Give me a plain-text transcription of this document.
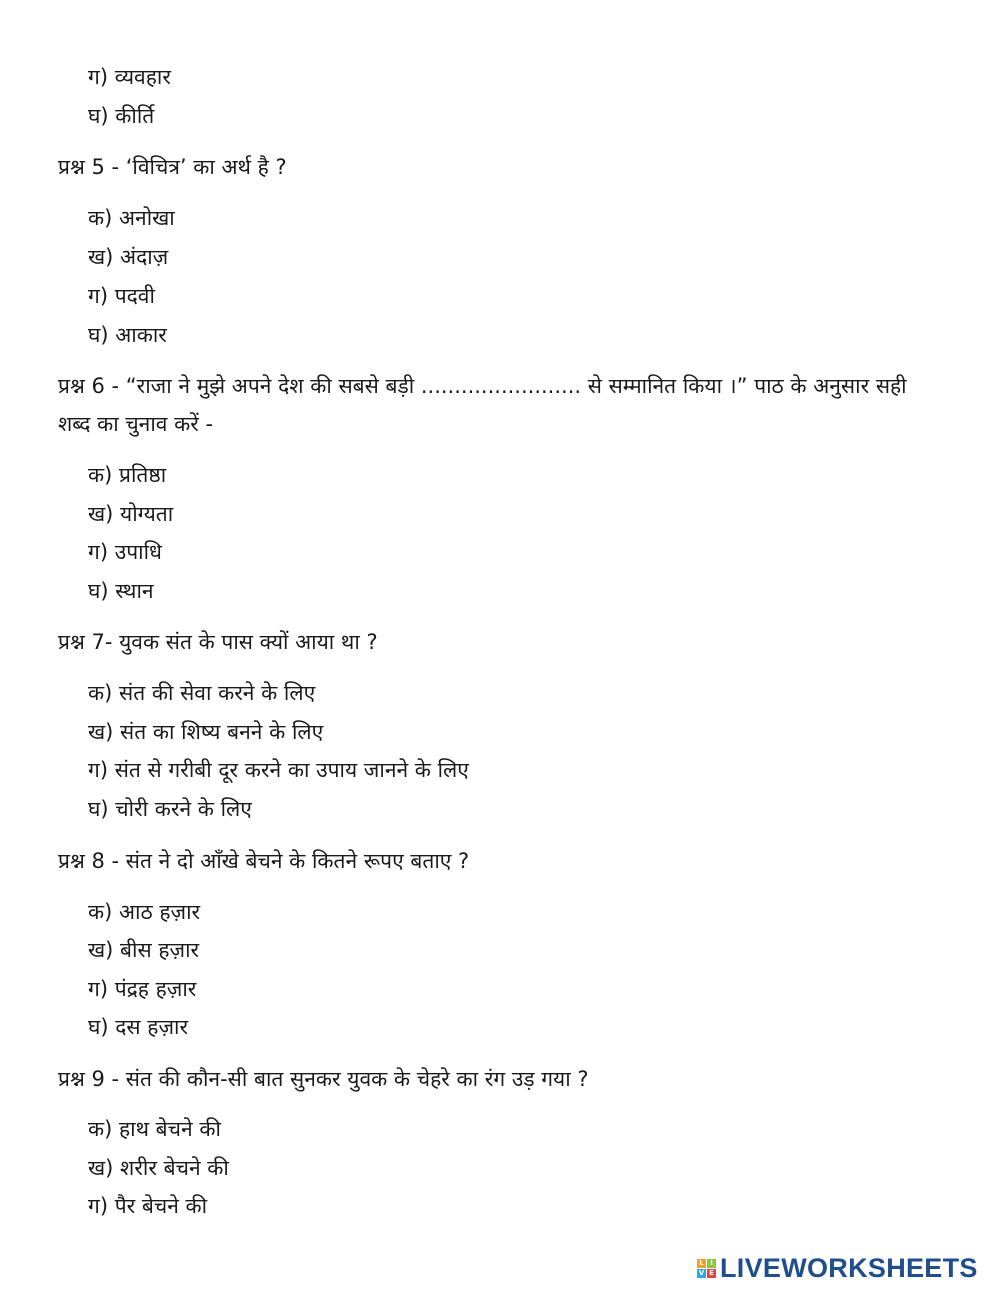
ग) व्यवहार
घ) कीर्ति
प्रश्न 5 - ‘विचित्र’ का अर्थ है ?
क) अनोखा
ख) अंदाज़
ग) पदवी
घ) आकार
प्रश्न 6 - “राजा ने मुझे अपने देश की सबसे बड़ी ........................ से सम्मानित किया ।” पाठ के अनुसार सही शब्द का चुनाव करें -
क) प्रतिष्ठा
ख) योग्यता
ग) उपाधि
घ) स्थान
प्रश्न 7- युवक संत के पास क्यों आया था ?
क) संत की सेवा करने के लिए
ख) संत का शिष्य बनने के लिए
ग) संत से गरीबी दूर करने का उपाय जानने के लिए
घ) चोरी करने के लिए
प्रश्न 8 - संत ने दो आँखे बेचने के कितने रूपए बताए ?
क) आठ हज़ार
ख) बीस हज़ार
ग) पंद्रह हज़ार
घ) दस हज़ार
प्रश्न 9 - संत की कौन-सी बात सुनकर युवक के चेहरे का रंग उड़ गया ?
क) हाथ बेचने की
ख) शरीर बेचने की
ग) पैर बेचने की
L I
V E LIVEWORKSHEETS
